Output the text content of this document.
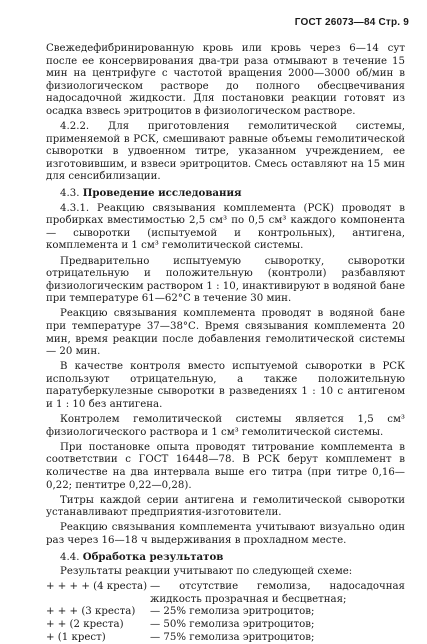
ГОСТ 26073—84 Стр. 9

Свежедефибринированную кровь или кровь через 6—14 сут после ее консервирования два-три раза отмывают в течение 15 мин на центрифуге с частотой вращения 2000—3000 об/мин в физиологическом растворе до полного обесцвечивания надосадочной жидкости. Для постановки реакции готовят из осадка взвесь эритроцитов в физиологическом растворе.

4.2.2. Для приготовления гемолитической системы, применяемой в РСК, смешивают равные объемы гемолитической сыворотки в удвоенном титре, указанном учреждением, ее изготовившим, и взвеси эритроцитов. Смесь оставляют на 15 мин для сенсибилизации.

4.3. Проведение исследования

4.3.1. Реакцию связывания комплемента (РСК) проводят в пробирках вместимостью 2,5 см³ по 0,5 см³ каждого компонента — сыворотки (испытуемой и контрольных), антигена, комплемента и 1 см³ гемолитической системы.

Предварительно испытуемую сыворотку, сыворотки отрицательную и положительную (контроли) разбавляют физиологическим раствором 1 : 10, инактивируют в водяной бане при температуре 61—62°С в течение 30 мин.

Реакцию связывания комплемента проводят в водяной бане при температуре 37—38°С. Время связывания комплемента 20 мин, время реакции после добавления гемолитической системы — 20 мин.

В качестве контроля вместо испытуемой сыворотки в РСК используют отрицательную, а также положительную паратуберкулезные сыворотки в разведениях 1 : 10 с антигеном и 1 : 10 без антигена.

Контролем гемолитической системы является 1,5 см³ физиологического раствора и 1 см³ гемолитической системы.

При постановке опыта проводят титрование комплемента в соответствии с ГОСТ 16448—78. В РСК берут комплемент в количестве на два интервала выше его титра (при титре 0,16—0,22; пентитре 0,22—0,28).

Титры каждой серии антигена и гемолитической сыворотки устанавливают предприятия-изготовители.

Реакцию связывания комплемента учитывают визуально один раз через 16—18 ч выдерживания в прохладном месте.

4.4. Обработка результатов

Результаты реакции учитывают по следующей схеме:

+ + + + (4 креста) — отсутствие гемолиза, надосадочная жидкость прозрачная и бесцветная;
+ + + (3 креста)	— 25% гемолиза эритроцитов;
+ + (2 креста)	— 50% гемолиза эритроцитов;
+ (1 крест)	— 75% гемолиза эритроцитов;
